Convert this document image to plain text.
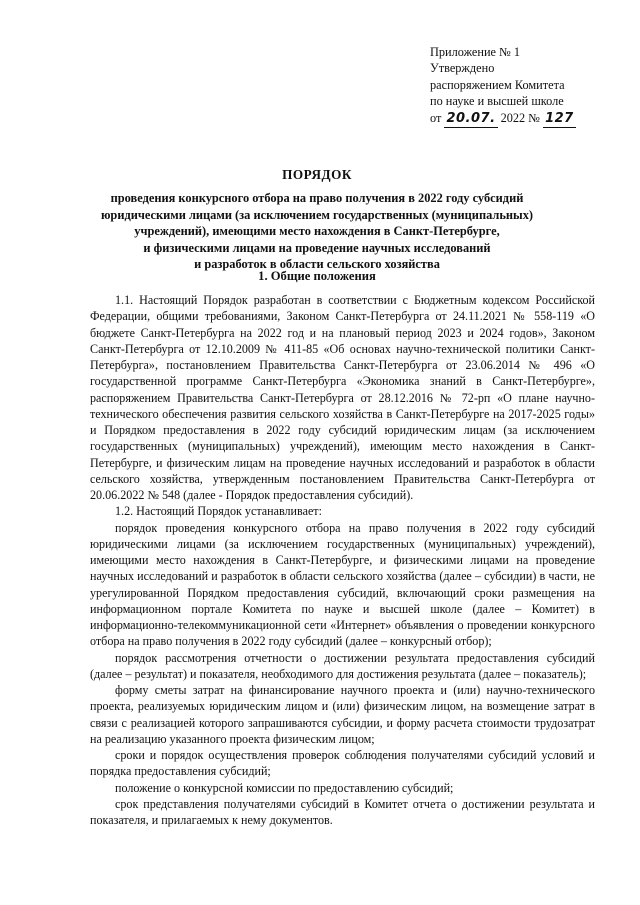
Приложение № 1
Утверждено
распоряжением Комитета
по науке и высшей школе
от 20.07. 2022 № 127
ПОРЯДОК
проведения конкурсного отбора на право получения в 2022 году субсидий
юридическими лицами (за исключением государственных (муниципальных)
учреждений), имеющими место нахождения в Санкт-Петербурге,
и физическими лицами на проведение научных исследований
и разработок в области сельского хозяйства
1. Общие положения

1.1. Настоящий Порядок разработан в соответствии с Бюджетным кодексом Российской Федерации, общими требованиями, Законом Санкт-Петербурга от 24.11.2021 № 558-119 «О бюджете Санкт-Петербурга на 2022 год и на плановый период 2023 и 2024 годов», Законом Санкт-Петербурга от 12.10.2009 № 411-85 «Об основах научно-технической политики Санкт-Петербурга», постановлением Правительства Санкт-Петербурга от 23.06.2014 № 496 «О государственной программе Санкт-Петербурга «Экономика знаний в Санкт-Петербурге», распоряжением Правительства Санкт-Петербурга от 28.12.2016 № 72-рп «О плане научно-технического обеспечения развития сельского хозяйства в Санкт-Петербурге на 2017-2025 годы» и Порядком предоставления в 2022 году субсидий юридическим лицам (за исключением государственных (муниципальных) учреждений), имеющим место нахождения в Санкт-Петербурге, и физическим лицам на проведение научных исследований и разработок в области сельского хозяйства, утвержденным постановлением Правительства Санкт-Петербурга от 20.06.2022 № 548 (далее - Порядок предоставления субсидий).

1.2. Настоящий Порядок устанавливает:

порядок проведения конкурсного отбора на право получения в 2022 году субсидий юридическими лицами (за исключением государственных (муниципальных) учреждений), имеющими место нахождения в Санкт-Петербурге, и физическими лицами на проведение научных исследований и разработок в области сельского хозяйства (далее – субсидии) в части, не урегулированной Порядком предоставления субсидий, включающий сроки размещения на информационном портале Комитета по науке и высшей школе (далее – Комитет) в информационно-телекоммуникационной сети «Интернет» объявления о проведении конкурсного отбора на право получения в 2022 году субсидий (далее – конкурсный отбор);

порядок рассмотрения отчетности о достижении результата предоставления субсидий (далее – результат) и показателя, необходимого для достижения результата (далее – показатель);

форму сметы затрат на финансирование научного проекта и (или) научно-технического проекта, реализуемых юридическим лицом и (или) физическим лицом, на возмещение затрат в связи с реализацией которого запрашиваются субсидии, и форму расчета стоимости трудозатрат на реализацию указанного проекта физическим лицом;

сроки и порядок осуществления проверок соблюдения получателями субсидий условий и порядка предоставления субсидий;

положение о конкурсной комиссии по предоставлению субсидий;

срок представления получателями субсидий в Комитет отчета о достижении результата и показателя, и прилагаемых к нему документов.
